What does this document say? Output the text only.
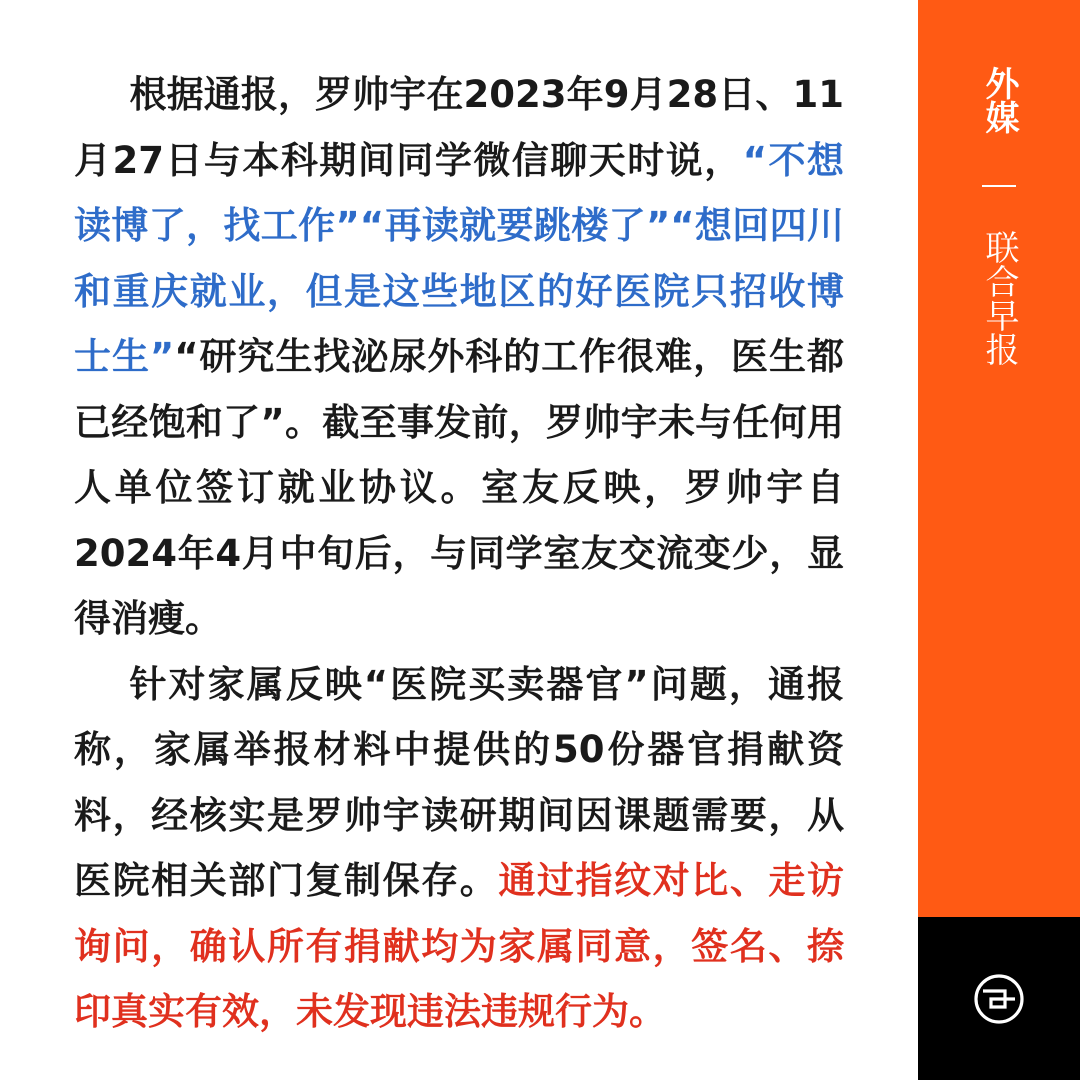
根据通报，罗帅宇在2023年9月28日、11月27日与本科期间同学微信聊天时说，“不想读博了，找工作”“再读就要跳楼了”“想回四川和重庆就业，但是这些地区的好医院只招收博士生”“研究生找泌尿外科的工作很难，医生都已经饱和了”。截至事发前，罗帅宇未与任何用人单位签订就业协议。室友反映，罗帅宇自2024年4月中旬后，与同学室友交流变少，显得消瘦。

针对家属反映“医院买卖器官”问题，通报称，家属举报材料中提供的50份器官捐献资料，经核实是罗帅宇读研期间因课题需要，从医院相关部门复制保存。通过指纹对比、走访询问，确认所有捐献均为家属同意，签名、捺印真实有效，未发现违法违规行为。

外媒
联合早报
